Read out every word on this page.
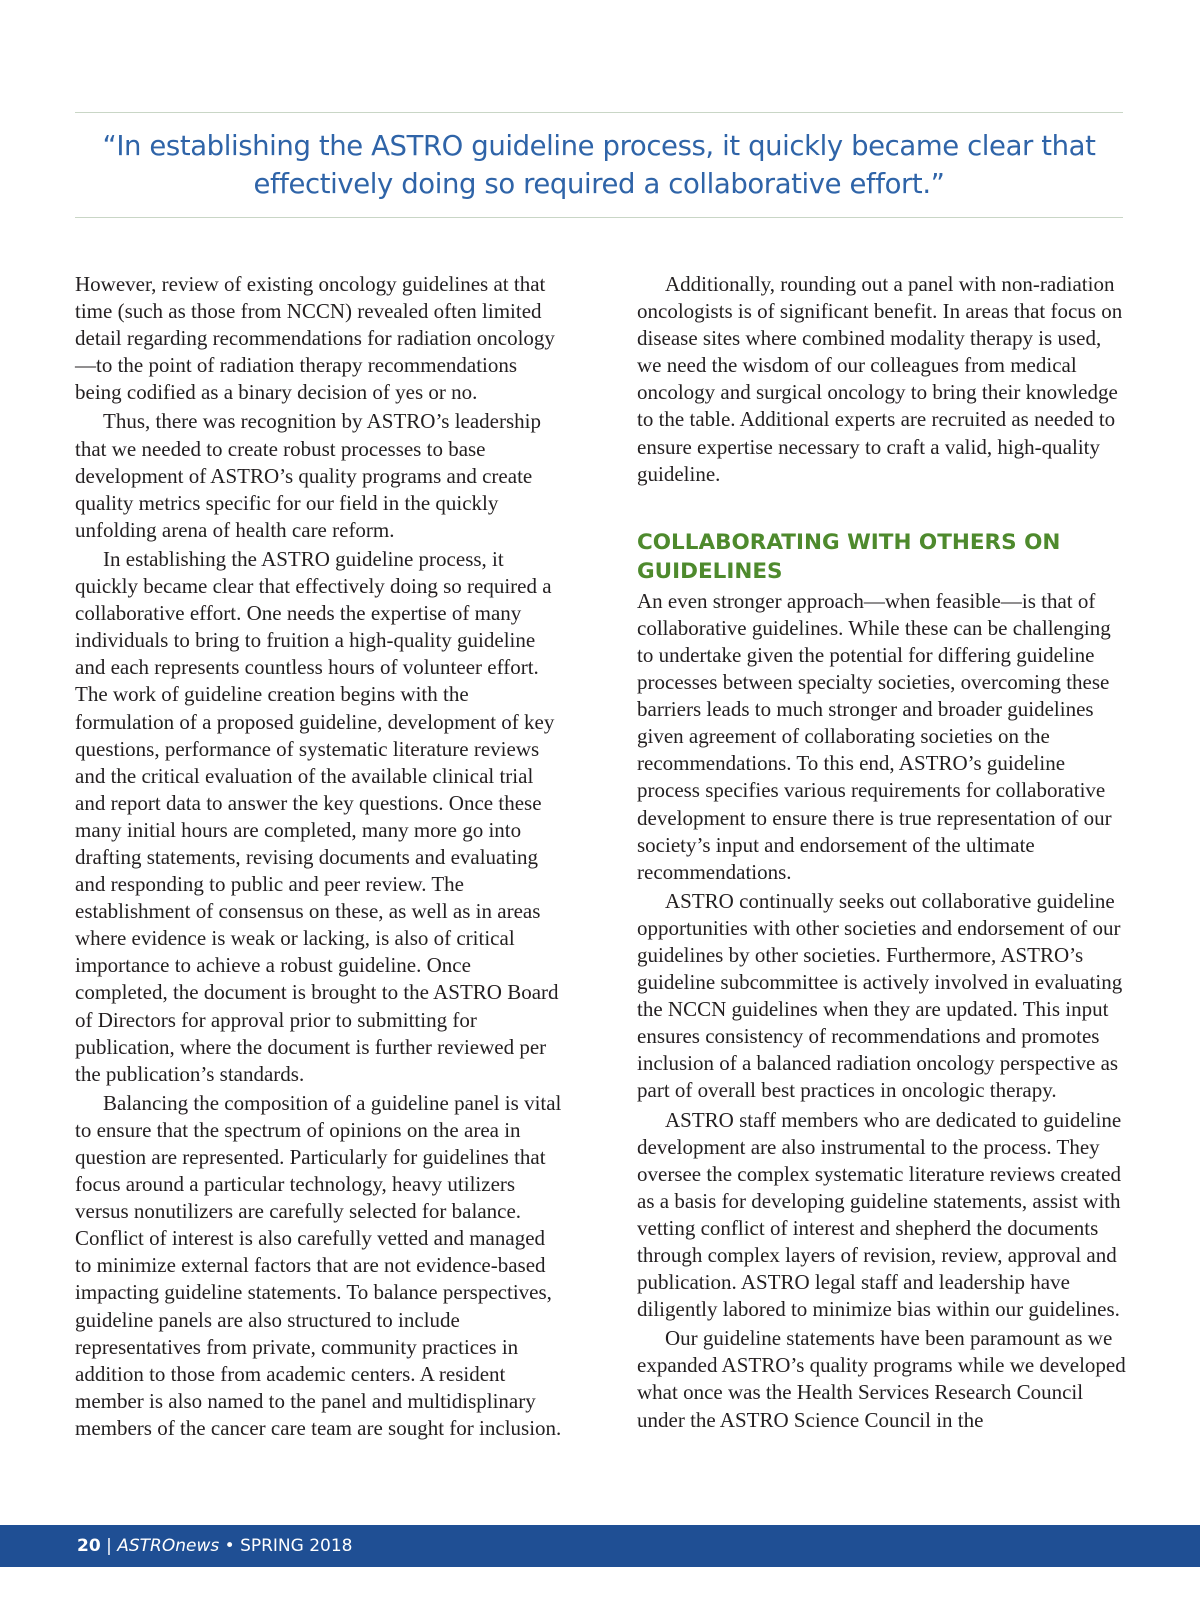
“In establishing the ASTRO guideline process, it quickly became clear that
effectively doing so required a collaborative effort.”

However, review of existing oncology guidelines at that time (such as those from NCCN) revealed often limited detail regarding recommendations for radiation oncology—to the point of radiation therapy recommendations being codified as a binary decision of yes or no.

Thus, there was recognition by ASTRO’s leadership that we needed to create robust processes to base development of ASTRO’s quality programs and create quality metrics specific for our field in the quickly unfolding arena of health care reform.

In establishing the ASTRO guideline process, it quickly became clear that effectively doing so required a collaborative effort. One needs the expertise of many individuals to bring to fruition a high-quality guideline and each represents countless hours of volunteer effort. The work of guideline creation begins with the formulation of a proposed guideline, development of key questions, performance of systematic literature reviews and the critical evaluation of the available clinical trial and report data to answer the key questions. Once these many initial hours are completed, many more go into drafting statements, revising documents and evaluating and responding to public and peer review. The establishment of consensus on these, as well as in areas where evidence is weak or lacking, is also of critical importance to achieve a robust guideline. Once completed, the document is brought to the ASTRO Board of Directors for approval prior to submitting for publication, where the document is further reviewed per the publication’s standards.

Balancing the composition of a guideline panel is vital to ensure that the spectrum of opinions on the area in question are represented. Particularly for guidelines that focus around a particular technology, heavy utilizers versus nonutilizers are carefully selected for balance. Conflict of interest is also carefully vetted and managed to minimize external factors that are not evidence-based impacting guideline statements. To balance perspectives, guideline panels are also structured to include representatives from private, community practices in addition to those from academic centers. A resident member is also named to the panel and multidisplinary members of the cancer care team are sought for inclusion.

Additionally, rounding out a panel with non-radiation oncologists is of significant benefit. In areas that focus on disease sites where combined modality therapy is used, we need the wisdom of our colleagues from medical oncology and surgical oncology to bring their knowledge to the table. Additional experts are recruited as needed to ensure expertise necessary to craft a valid, high-quality guideline.

COLLABORATING WITH OTHERS ON GUIDELINES

An even stronger approach—when feasible—is that of collaborative guidelines. While these can be challenging to undertake given the potential for differing guideline processes between specialty societies, overcoming these barriers leads to much stronger and broader guidelines given agreement of collaborating societies on the recommendations. To this end, ASTRO’s guideline process specifies various requirements for collaborative development to ensure there is true representation of our society’s input and endorsement of the ultimate recommendations.

ASTRO continually seeks out collaborative guideline opportunities with other societies and endorsement of our guidelines by other societies. Furthermore, ASTRO’s guideline subcommittee is actively involved in evaluating the NCCN guidelines when they are updated. This input ensures consistency of recommendations and promotes inclusion of a balanced radiation oncology perspective as part of overall best practices in oncologic therapy.

ASTRO staff members who are dedicated to guideline development are also instrumental to the process. They oversee the complex systematic literature reviews created as a basis for developing guideline statements, assist with vetting conflict of interest and shepherd the documents through complex layers of revision, review, approval and publication. ASTRO legal staff and leadership have diligently labored to minimize bias within our guidelines.

Our guideline statements have been paramount as we expanded ASTRO’s quality programs while we developed what once was the Health Services Research Council under the ASTRO Science Council in the

20 | ASTROnews • SPRING 2018
